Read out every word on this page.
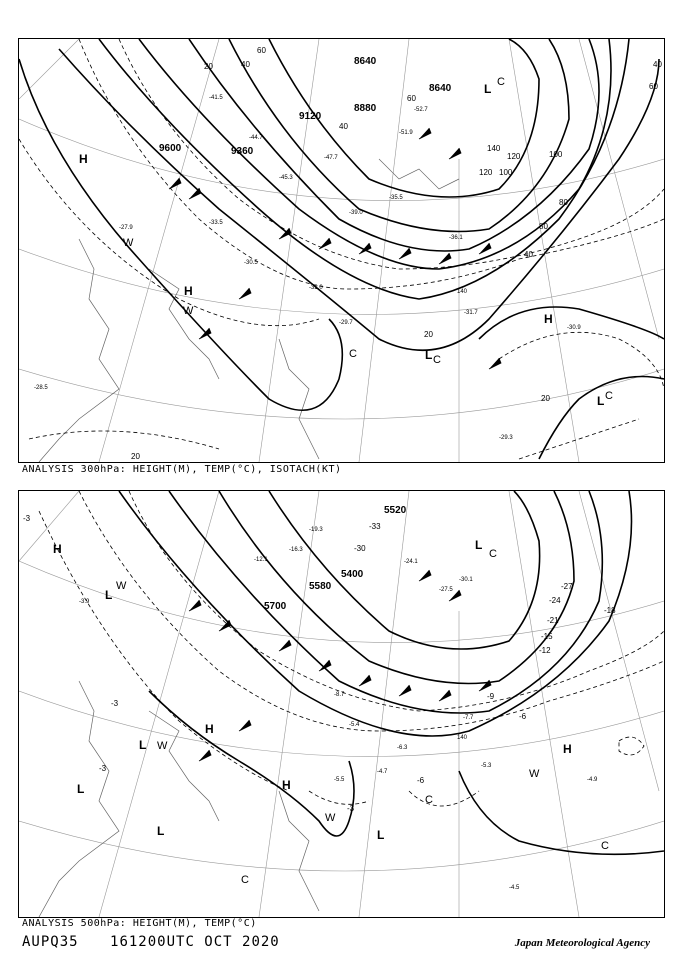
8640
8640
8880
9120
9600	9360
60
40
80
120
140
100
120 100
80
60
40
40
20
20
20
20
60
40
-41.5
-44.7
-51.9
-52.7
-47.7
-45.3
-39.0
-33.5
-31.7
-27.9
-30.5
-32.0
-29.7
-30.9
-29.3
-28.5
-35.5
-36.1
140
H
H
H
L
L
L
C	C
C
C
W
W
ANALYSIS 300hPa: HEIGHT(M), TEMP(°C), ISOTACH(KT)
5520
5400
5580
5700
-33
-30
-27
-24
-21
-18
-15
-12
-9
-6
-6
-3
-3
-3
-3
-12.1
-16.3
-19.3
-24.1
-27.5
-30.1
-8.7
-5.4
-6.3
-4.7
-7.7
-5.3
-4.9
-4.5
-3.9
-5.5
140
H
H
H
H
L
L
L	L
L
L
C
C
C
C
W
W
W
W
ANALYSIS 500hPa: HEIGHT(M), TEMP(°C)
AUPQ35 161200UTC OCT 2020	Japan Meteorological Agency
